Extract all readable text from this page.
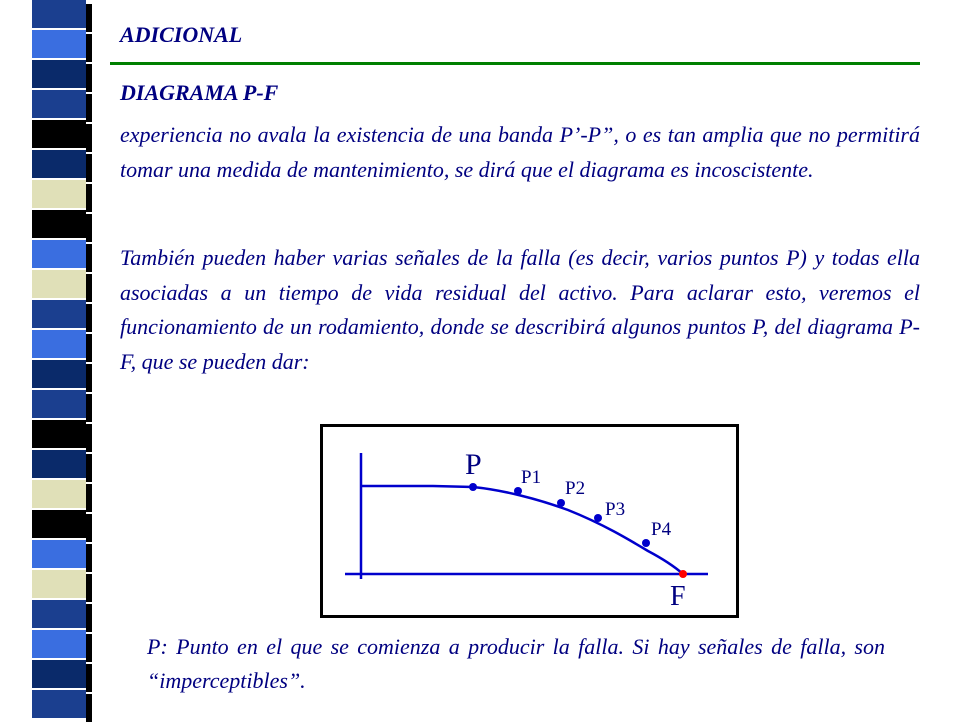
ADICIONAL
DIAGRAMA P-F

experiencia no avala la existencia de una banda P’-P”, o es tan amplia que no permitirá tomar una medida de mantenimiento, se dirá que el diagrama es incoscistente.

También pueden haber varias señales de la falla (es decir, varios puntos P) y todas ella asociadas a un tiempo de vida residual del activo. Para aclarar esto, veremos el funcionamiento de un rodamiento, donde se describirá algunos puntos P, del diagrama P-F, que se pueden dar:

P1
P2
P3
P4
P
F

P: Punto en el que se comienza a producir la falla. Si hay señales de falla, son “imperceptibles”.
